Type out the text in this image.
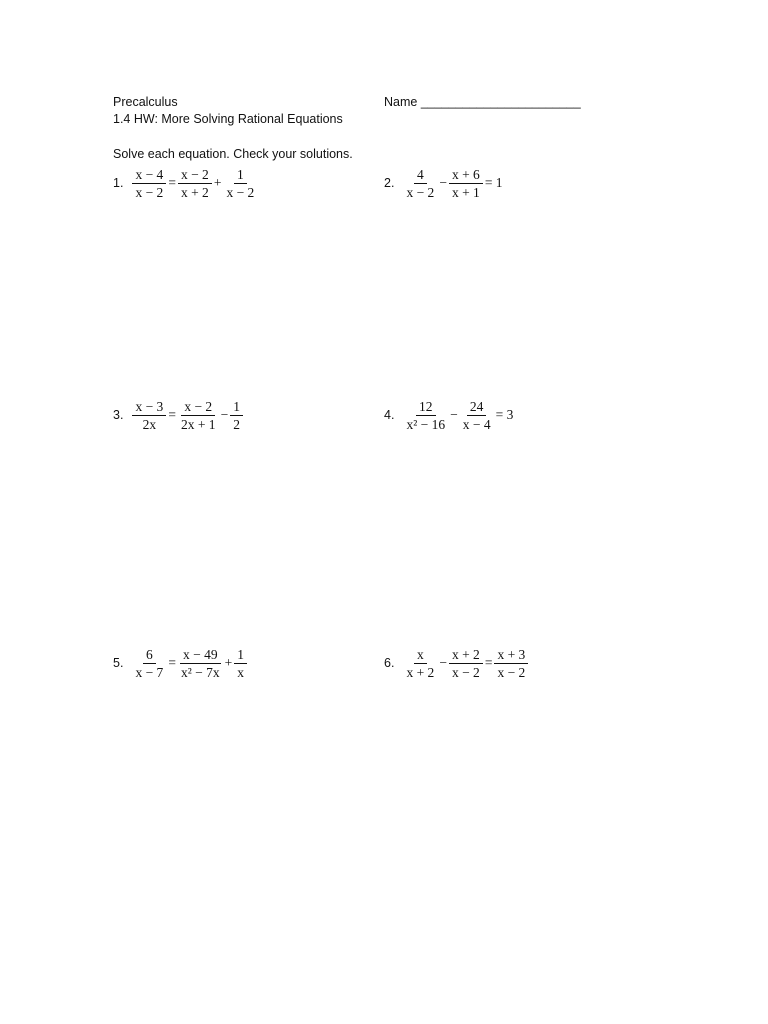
Precalculus
1.4 HW: More Solving Rational Equations
Name _______________________
Solve each equation. Check your solutions.
1. $\frac{x - 4}{x - 2} = \frac{x - 2}{x + 2} + \frac{1}{x - 2}$	2. $\frac{4}{x - 2} - \frac{x + 6}{x + 1} = 1$
3. $\frac{x - 3}{2x} = \frac{x - 2}{2x + 1} - \frac{1}{2}$	4. $\frac{12}{\text{x² − 16}} - \frac{24}{x - 4} = 3$
5. $\frac{6}{x - 7} = \frac{x - 49}{\text{x² − 7x}} + \frac{1}{x}$	6. $\frac{x}{x + 2} - \frac{x + 2}{x - 2} = \frac{x + 3}{x - 2}$
